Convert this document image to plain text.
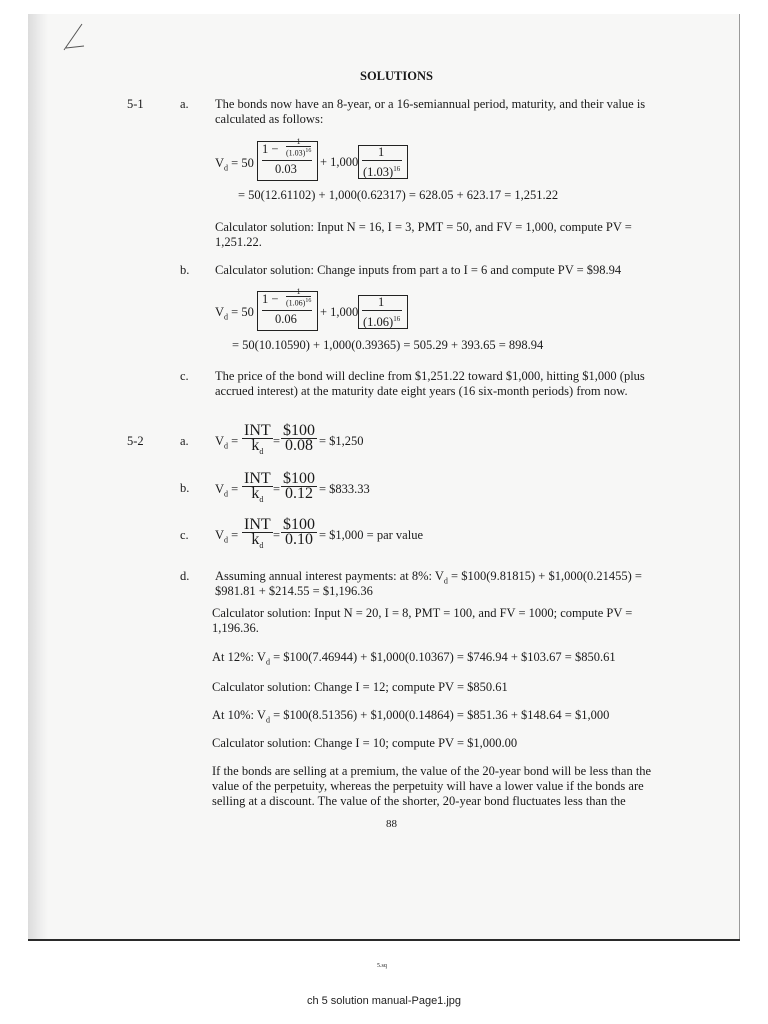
SOLUTIONS
5-1	a. The bonds now have an 8-year, or a 16-semiannual period, maturity, and their value is calculated as follows:
$V_d = 50$
1 −
1
$(1.03)^{16}$
0.03 + 1,000
1
$(1.03)^{16}$
= 50(12.61102) + 1,000(0.62317) = 628.05 + 623.17 = 1,251.22
Calculator solution: Input N = 16, I = 3, PMT = 50, and FV = 1,000, compute PV = 1,251.22.
b. Calculator solution: Change inputs from part a to I = 6 and compute PV = $98.94
$V_d = 50$
1 −
1
$(1.06)^{16}$
0.06 + 1,000
1
$(1.06)^{16}$
= 50(10.10590) + 1,000(0.39365) = 505.29 + 393.65 = 898.94
c. The price of the bond will decline from $1,251.22 toward $1,000, hitting $1,000 (plus accrued interest) at the maturity date eight years (16 six-month periods) from now.
5-2	a. $V_d$ =
INT
$k_d$
= $\frac{\$100}{0.08}$ = $1,250
b. $V_d$ =
INT
$k_d$
= $\frac{\$100}{0.12}$ = $833.33
c. $V_d$ =
INT
$k_d$
= $\frac{\$100}{0.10}$ = $1,000 = par value
d. Assuming annual interest payments: at 8%: $V_d$ = $100(9.81815) + $1,000(0.21455) =
$981.81 + $214.55 = $1,196.36
Calculator solution: Input N = 20, I = 8, PMT = 100, and FV = 1000; compute PV = 1,196.36.
At 12%: $V_d$ = $100(7.46944) + $1,000(0.10367) = $746.94 + $103.67 = $850.61
Calculator solution: Change I = 12; compute PV = $850.61
At 10%: $V_d$ = $100(8.51356) + $1,000(0.14864) = $851.36 + $148.64 = $1,000
Calculator solution: Change I = 10; compute PV = $1,000.00
If the bonds are selling at a premium, the value of the 20-year bond will be less than the value of the perpetuity, whereas the perpetuity will have a lower value if the bonds are selling at a discount. The value of the shorter, 20-year bond fluctuates less than the
88
5.sq
ch 5 solution manual-Page1.jpg
